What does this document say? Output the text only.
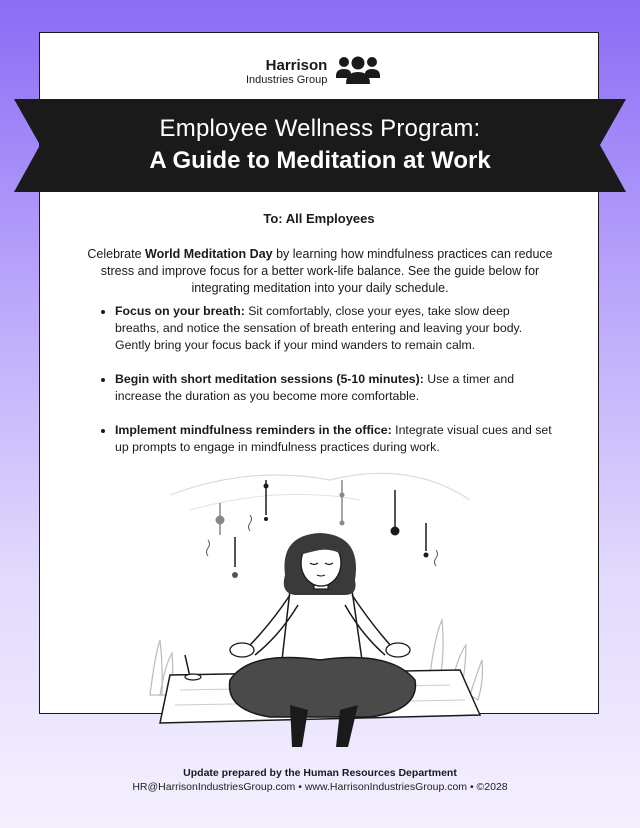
Harrison
Industries Group
Employee Wellness Program:
A Guide to Meditation at Work
To: All Employees
Celebrate World Meditation Day by learning how mindfulness practices can reduce stress and improve focus for a better work-life balance. See the guide below for integrating meditation into your daily schedule.
• Focus on your breath: Sit comfortably, close your eyes, take slow deep breaths, and notice the sensation of breath entering and leaving your body. Gently bring your focus back if your mind wanders to remain calm.
• Begin with short meditation sessions (5-10 minutes): Use a timer and increase the duration as you become more comfortable.
• Implement mindfulness reminders in the office: Integrate visual cues and set up prompts to engage in mindfulness practices during work.
Update prepared by the Human Resources Department
HR@HarrisonIndustriesGroup.com • www.HarrisonIndustriesGroup.com • ©2028
